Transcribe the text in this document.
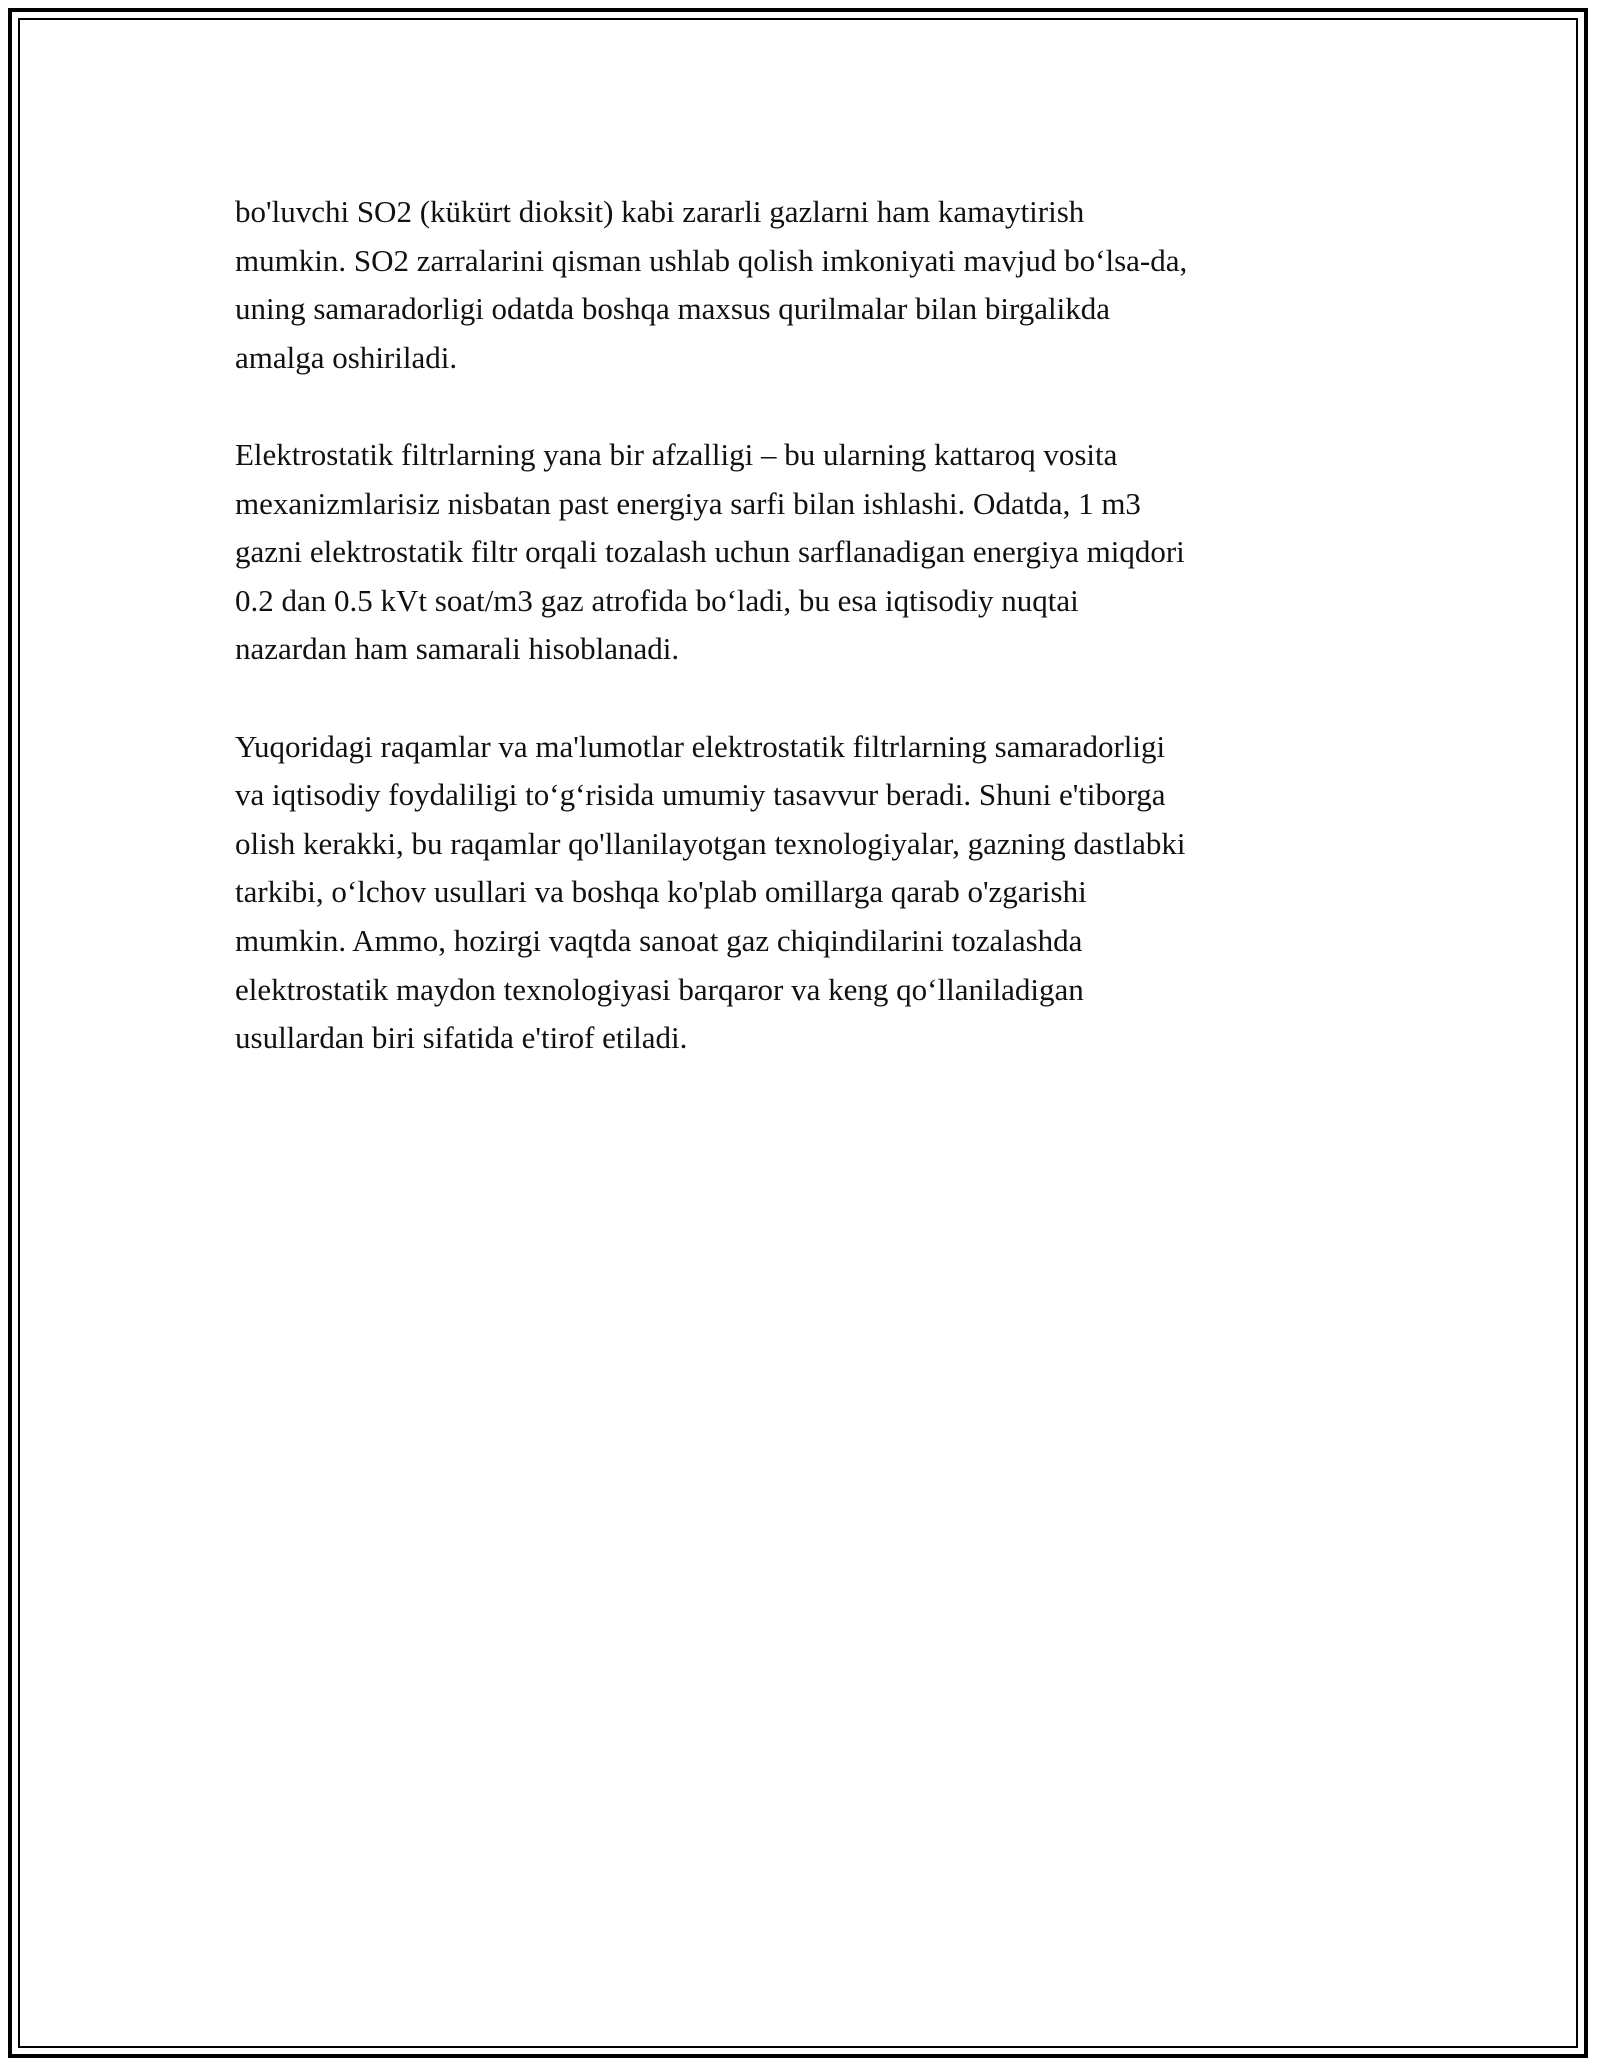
bo'luvchi SO2 (kükürt dioksit) kabi zararli gazlarni ham kamaytirish
mumkin. SO2 zarralarini qisman ushlab qolish imkoniyati mavjud bo‘lsa-da,
uning samaradorligi odatda boshqa maxsus qurilmalar bilan birgalikda
amalga oshiriladi.

Elektrostatik filtrlarning yana bir afzalligi – bu ularning kattaroq vosita
mexanizmlarisiz nisbatan past energiya sarfi bilan ishlashi. Odatda, 1 m3
gazni elektrostatik filtr orqali tozalash uchun sarflanadigan energiya miqdori
0.2 dan 0.5 kVt soat/m3 gaz atrofida bo‘ladi, bu esa iqtisodiy nuqtai
nazardan ham samarali hisoblanadi.

Yuqoridagi raqamlar va ma'lumotlar elektrostatik filtrlarning samaradorligi
va iqtisodiy foydaliligi to‘g‘risida umumiy tasavvur beradi. Shuni e'tiborga
olish kerakki, bu raqamlar qo'llanilayotgan texnologiyalar, gazning dastlabki
tarkibi, o‘lchov usullari va boshqa ko'plab omillarga qarab o'zgarishi
mumkin. Ammo, hozirgi vaqtda sanoat gaz chiqindilarini tozalashda
elektrostatik maydon texnologiyasi barqaror va keng qo‘llaniladigan
usullardan biri sifatida e'tirof etiladi.
